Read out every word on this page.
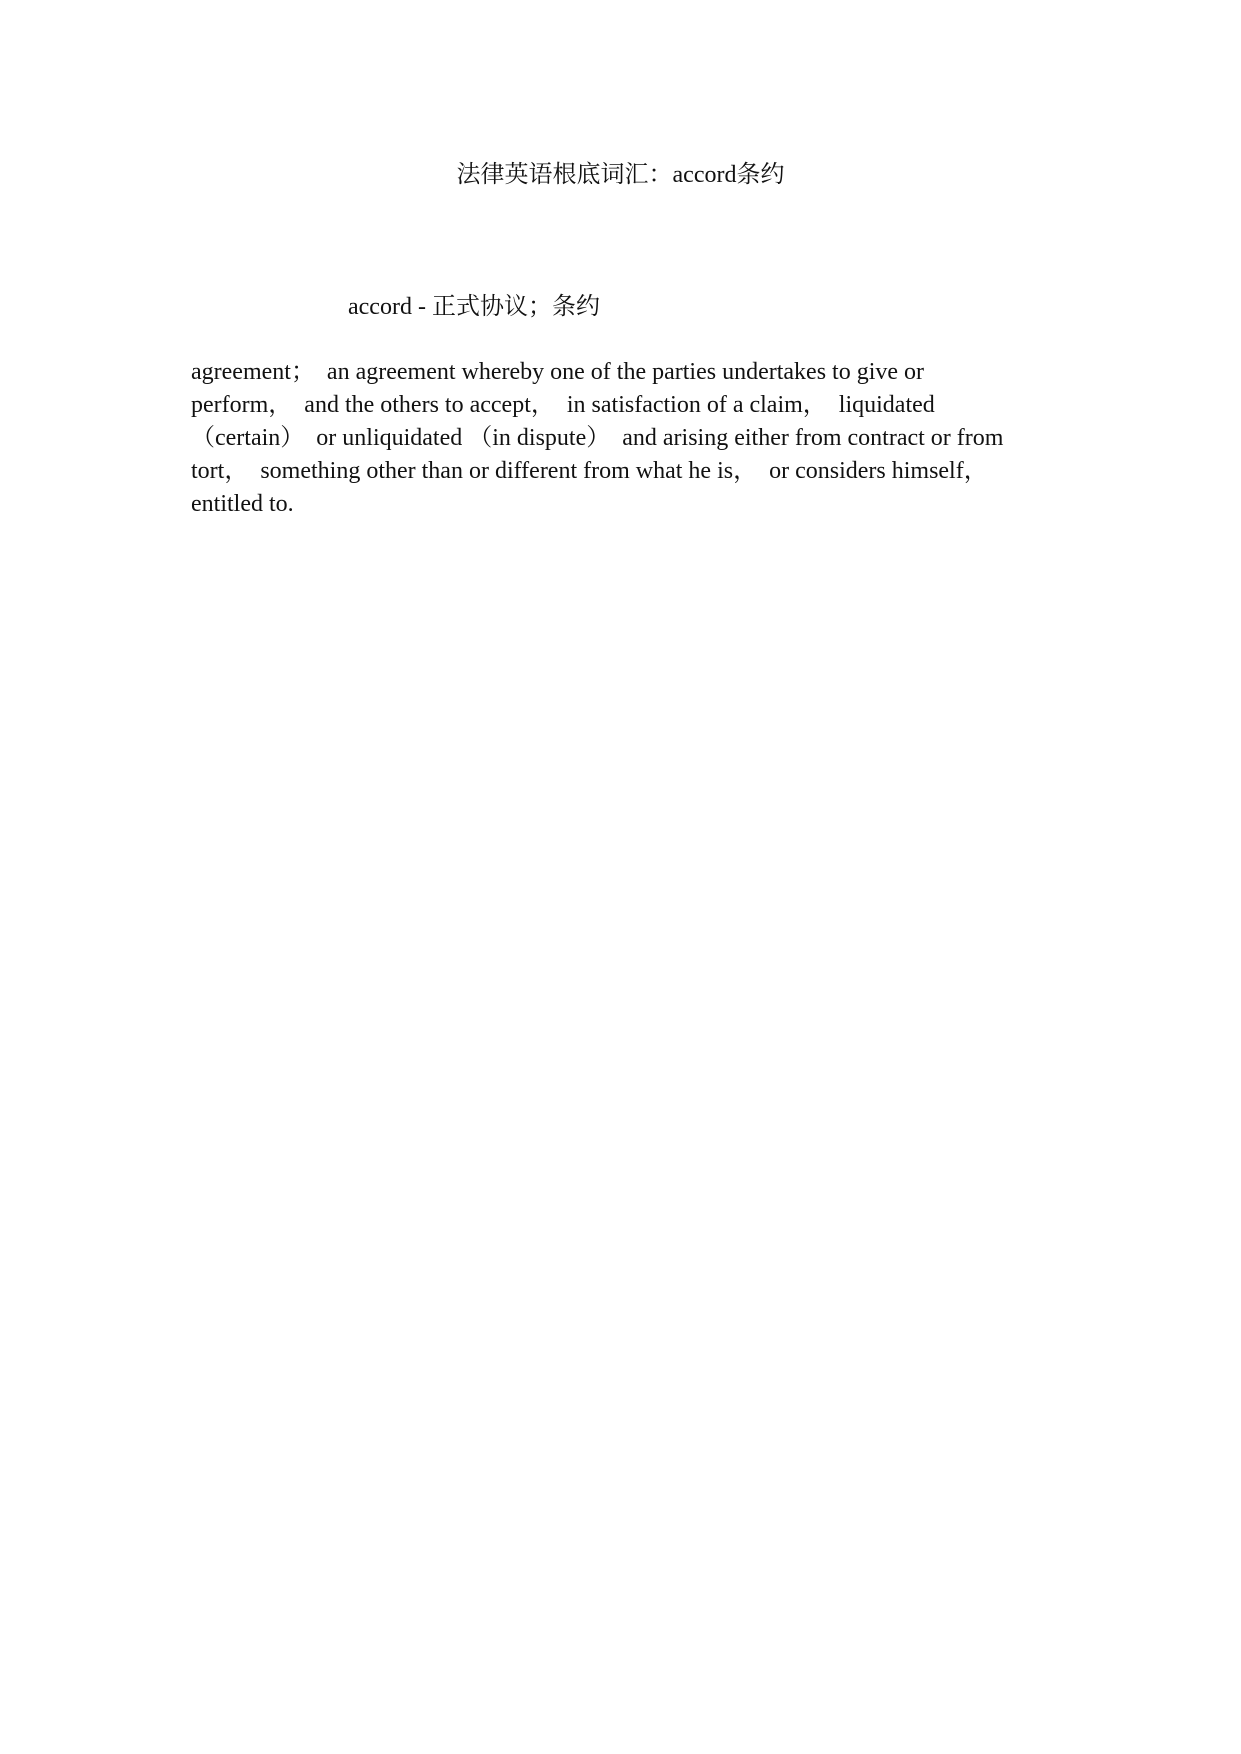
法律英语根底词汇：accord条约

accord - 正式协议；条约

agreement；  an agreement whereby one of the parties undertakes to give or
perform，  and the others to accept，  in satisfaction of a claim，  liquidated
（certain）  or unliquidated （in dispute）  and arising either from contract or from
tort，  something other than or different from what he is，  or considers himself，
entitled to.
